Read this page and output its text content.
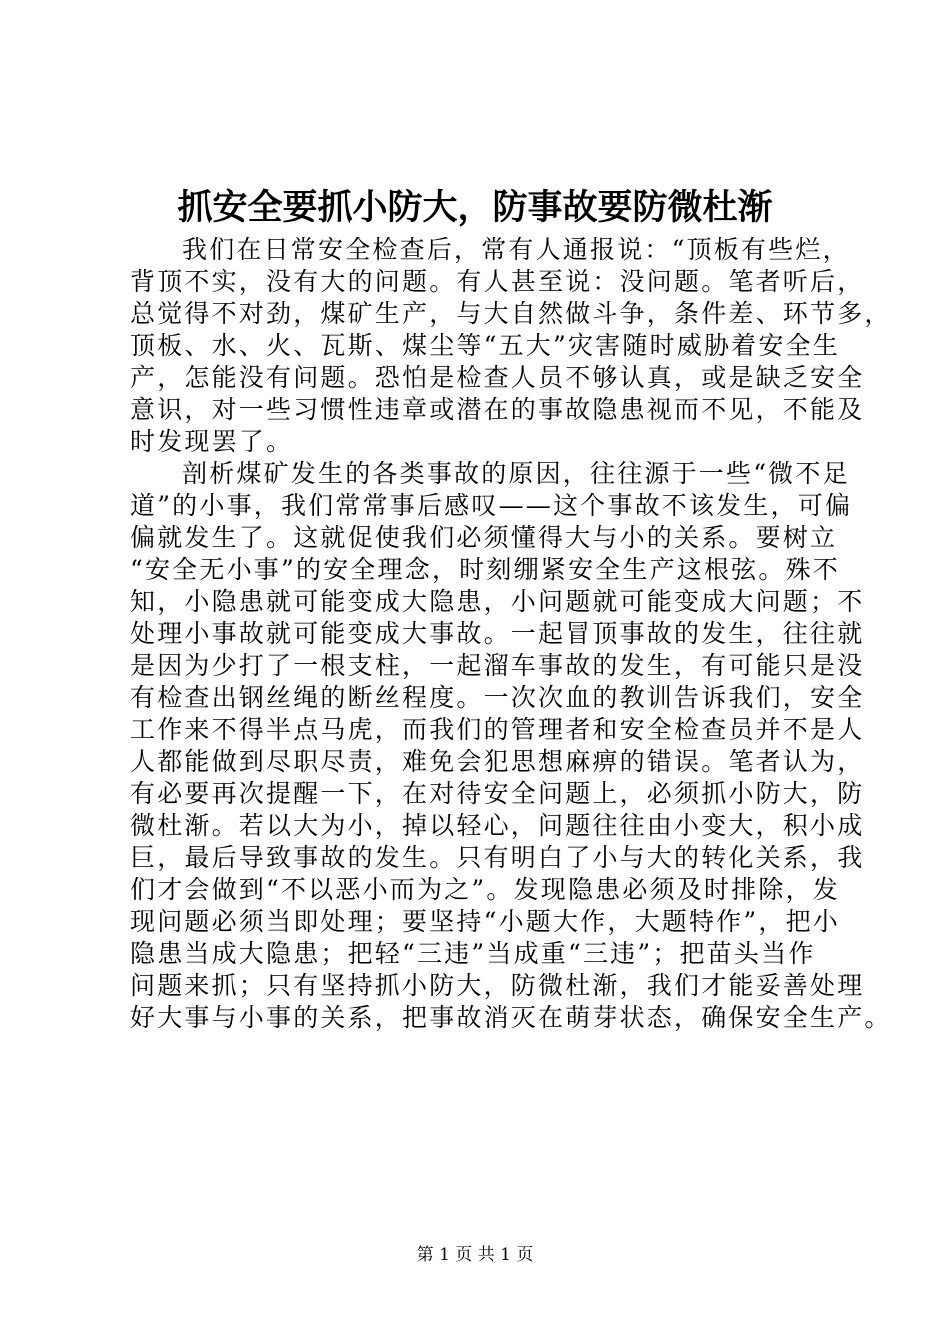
抓安全要抓小防大，防事故要防微杜渐
我们在日常安全检查后，常有人通报说：“顶板有些烂，
背顶不实，没有大的问题。有人甚至说：没问题。笔者听后，
总觉得不对劲，煤矿生产，与大自然做斗争，条件差、环节多，
顶板、水、火、瓦斯、煤尘等“五大”灾害随时威胁着安全生
产，怎能没有问题。恐怕是检查人员不够认真，或是缺乏安全
意识，对一些习惯性违章或潜在的事故隐患视而不见，不能及
时发现罢了。
剖析煤矿发生的各类事故的原因，往往源于一些“微不足
道”的小事，我们常常事后感叹——这个事故不该发生，可偏
偏就发生了。这就促使我们必须懂得大与小的关系。要树立
“安全无小事”的安全理念，时刻绷紧安全生产这根弦。殊不
知，小隐患就可能变成大隐患，小问题就可能变成大问题；不
处理小事故就可能变成大事故。一起冒顶事故的发生，往往就
是因为少打了一根支柱，一起溜车事故的发生，有可能只是没
有检查出钢丝绳的断丝程度。一次次血的教训告诉我们，安全
工作来不得半点马虎，而我们的管理者和安全检查员并不是人
人都能做到尽职尽责，难免会犯思想麻痹的错误。笔者认为，
有必要再次提醒一下，在对待安全问题上，必须抓小防大，防
微杜渐。若以大为小，掉以轻心，问题往往由小变大，积小成
巨，最后导致事故的发生。只有明白了小与大的转化关系，我
们才会做到“不以恶小而为之”。发现隐患必须及时排除，发
现问题必须当即处理；要坚持“小题大作，大题特作”，把小
隐患当成大隐患；把轻“三违”当成重“三违”；把苗头当作
问题来抓；只有坚持抓小防大，防微杜渐，我们才能妥善处理
好大事与小事的关系，把事故消灭在萌芽状态，确保安全生产。
第 1 页 共 1 页
